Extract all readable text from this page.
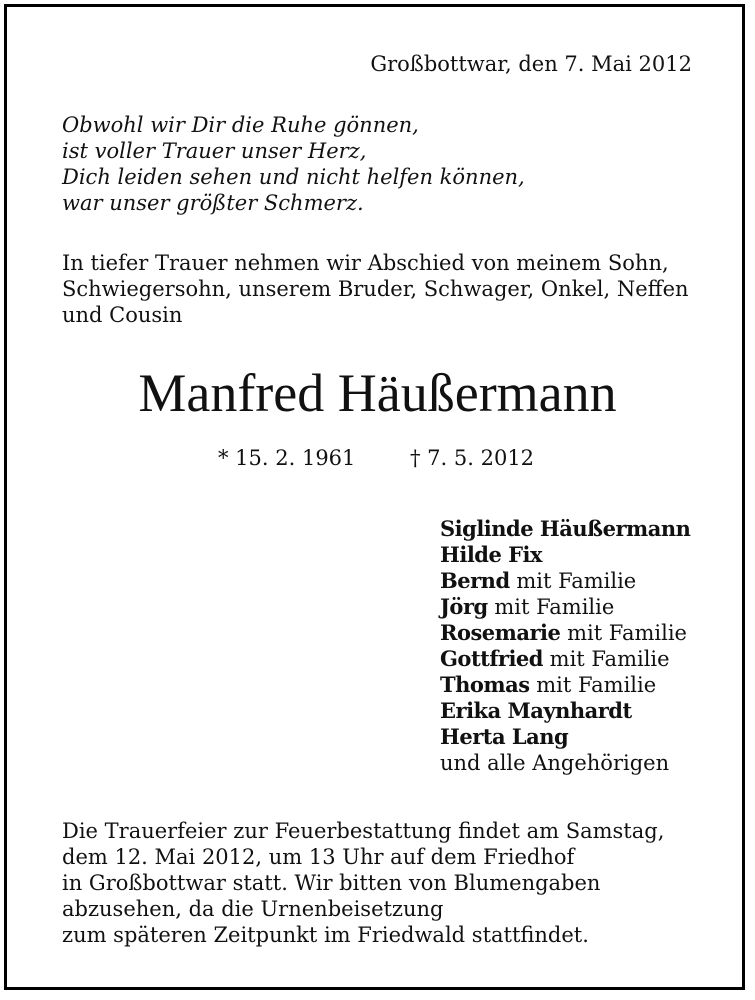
Großbottwar, den 7. Mai 2012
Obwohl wir Dir die Ruhe gönnen,
ist voller Trauer unser Herz,
Dich leiden sehen und nicht helfen können,
war unser größter Schmerz.
In tiefer Trauer nehmen wir Abschied von meinem Sohn,
Schwiegersohn, unserem Bruder, Schwager, Onkel, Neffen
und Cousin
Manfred Häußermann
* 15. 2. 1961	† 7. 5. 2012
Siglinde Häußermann
Hilde Fix
Bernd mit Familie
Jörg mit Familie
Rosemarie mit Familie
Gottfried mit Familie
Thomas mit Familie
Erika Maynhardt
Herta Lang
und alle Angehörigen
Die Trauerfeier zur Feuerbestattung findet am Samstag,
dem 12. Mai 2012, um 13 Uhr auf dem Friedhof
in Großbottwar statt. Wir bitten von Blumengaben
abzusehen, da die Urnenbeisetzung
zum späteren Zeitpunkt im Friedwald stattfindet.
